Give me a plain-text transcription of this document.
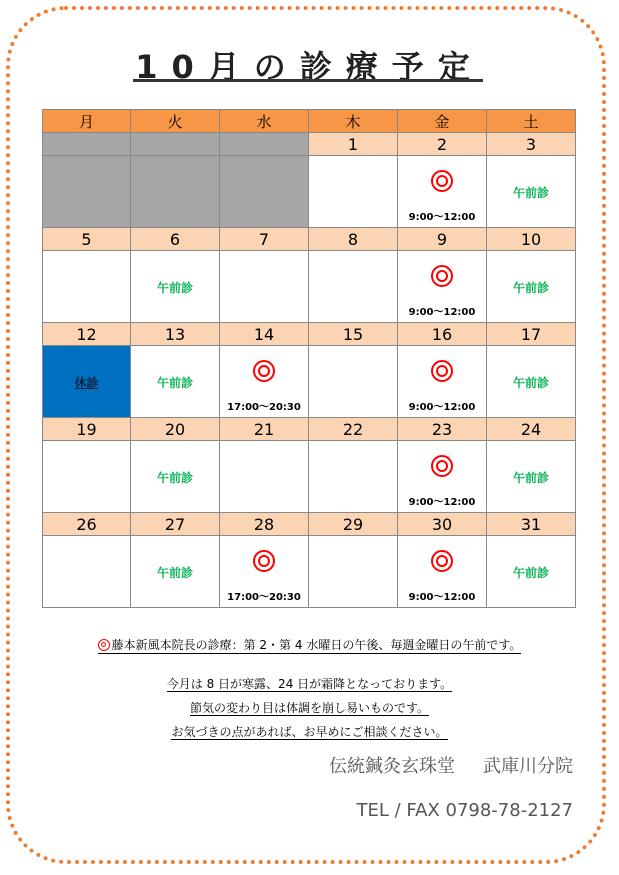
10月の診療予定
月	火	水	木	金	土
			1	2	3

				9:00～12:00	午前診
5	6	7	8	9	10
	午前診			9:00～12:00	午前診
12	13	14	15	16	17
休診	午前診	17:00～20:30		9:00～12:00	午前診
19	20	21	22	23	24
	午前診			9:00～12:00	午前診
26	27	28	29	30	31
	午前診	17:00～20:30		9:00～12:00	午前診
藤本新風本院長の診療：第 2・第 4 水曜日の午後、毎週金曜日の午前です。
今月は 8 日が寒露、24 日が霜降となっております。
節気の変わり目は体調を崩し易いものです。
お気づきの点があれば、お早めにご相談ください。
伝統鍼灸玄珠堂 武庫川分院
TEL / FAX 0798-78-2127
